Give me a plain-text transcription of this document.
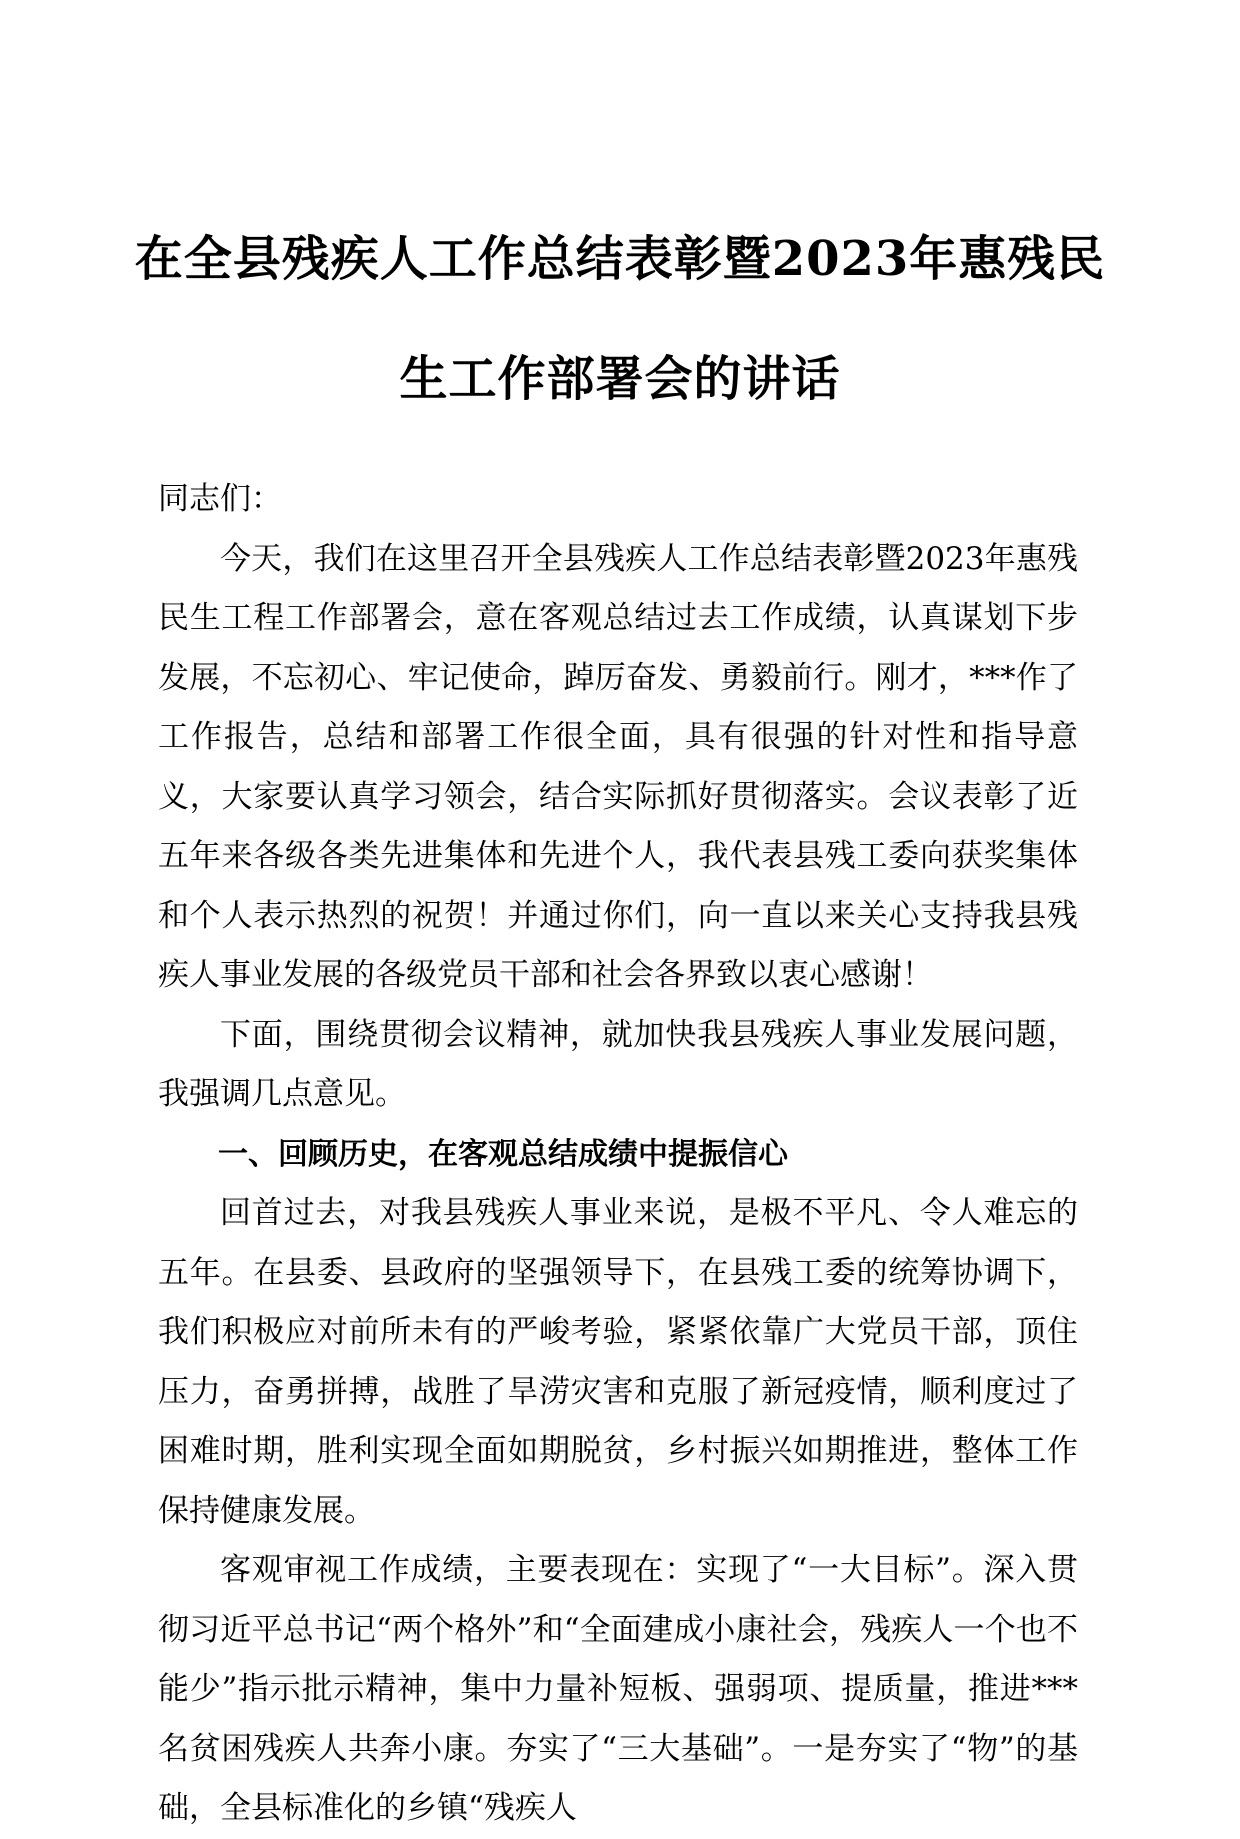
在全县残疾人工作总结表彰暨2023年惠残民
生工作部署会的讲话

同志们：

今天，我们在这里召开全县残疾人工作总结表彰暨2023年惠残民生工程工作部署会，意在客观总结过去工作成绩，认真谋划下步发展，不忘初心、牢记使命，踔厉奋发、勇毅前行。刚才，***作了工作报告，总结和部署工作很全面，具有很强的针对性和指导意义，大家要认真学习领会，结合实际抓好贯彻落实。会议表彰了近五年来各级各类先进集体和先进个人，我代表县残工委向获奖集体和个人表示热烈的祝贺！并通过你们，向一直以来关心支持我县残疾人事业发展的各级党员干部和社会各界致以衷心感谢！

下面，围绕贯彻会议精神，就加快我县残疾人事业发展问题，我强调几点意见。

一、回顾历史，在客观总结成绩中提振信心

回首过去，对我县残疾人事业来说，是极不平凡、令人难忘的五年。在县委、县政府的坚强领导下，在县残工委的统筹协调下，我们积极应对前所未有的严峻考验，紧紧依靠广大党员干部，顶住压力，奋勇拼搏，战胜了旱涝灾害和克服了新冠疫情，顺利度过了困难时期，胜利实现全面如期脱贫，乡村振兴如期推进，整体工作保持健康发展。

客观审视工作成绩，主要表现在：实现了“一大目标”。深入贯彻习近平总书记“两个格外”和“全面建成小康社会，残疾人一个也不能少”指示批示精神，集中力量补短板、强弱项、提质量，推进***名贫困残疾人共奔小康。夯实了“三大基础”。一是夯实了“物”的基础，全县标准化的乡镇“残疾人
